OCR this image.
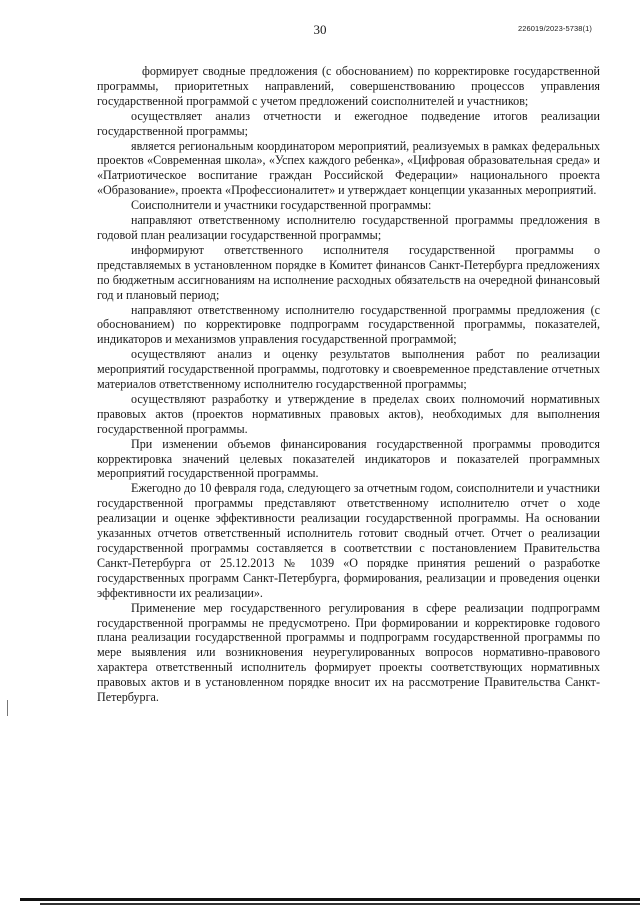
30	226019/2023-5738(1)

формирует сводные предложения (с обоснованием) по корректировке государственной программы, приоритетных направлений, совершенствованию процессов управления государственной программой с учетом предложений соисполнителей и участников;

осуществляет анализ отчетности и ежегодное подведение итогов реализации государственной программы;

является региональным координатором мероприятий, реализуемых в рамках федеральных проектов «Современная школа», «Успех каждого ребенка», «Цифровая образовательная среда» и «Патриотическое воспитание граждан Российской Федерации» национального проекта «Образование», проекта «Профессионалитет» и утверждает концепции указанных мероприятий.

Соисполнители и участники государственной программы:

направляют ответственному исполнителю государственной программы предложения в годовой план реализации государственной программы;

информируют ответственного исполнителя государственной программы о представляемых в установленном порядке в Комитет финансов Санкт-Петербурга предложениях по бюджетным ассигнованиям на исполнение расходных обязательств на очередной финансовый год и плановый период;

направляют ответственному исполнителю государственной программы предложения (с обоснованием) по корректировке подпрограмм государственной программы, показателей, индикаторов и механизмов управления государственной программой;

осуществляют анализ и оценку результатов выполнения работ по реализации мероприятий государственной программы, подготовку и своевременное представление отчетных материалов ответственному исполнителю государственной программы;

осуществляют разработку и утверждение в пределах своих полномочий нормативных правовых актов (проектов нормативных правовых актов), необходимых для выполнения государственной программы.

При изменении объемов финансирования государственной программы проводится корректировка значений целевых показателей индикаторов и показателей программных мероприятий государственной программы.

Ежегодно до 10 февраля года, следующего за отчетным годом, соисполнители и участники государственной программы представляют ответственному исполнителю отчет о ходе реализации и оценке эффективности реализации государственной программы. На основании указанных отчетов ответственный исполнитель готовит сводный отчет. Отчет о реализации государственной программы составляется в соответствии с постановлением Правительства Санкт-Петербурга от 25.12.2013 № 1039 «О порядке принятия решений о разработке государственных программ Санкт-Петербурга, формирования, реализации и проведения оценки эффективности их реализации».

Применение мер государственного регулирования в сфере реализации подпрограмм государственной программы не предусмотрено. При формировании и корректировке годового плана реализации государственной программы и подпрограмм государственной программы по мере выявления или возникновения неурегулированных вопросов нормативно-правового характера ответственный исполнитель формирует проекты соответствующих нормативных правовых актов и в установленном порядке вносит их на рассмотрение Правительства Санкт-Петербурга.
